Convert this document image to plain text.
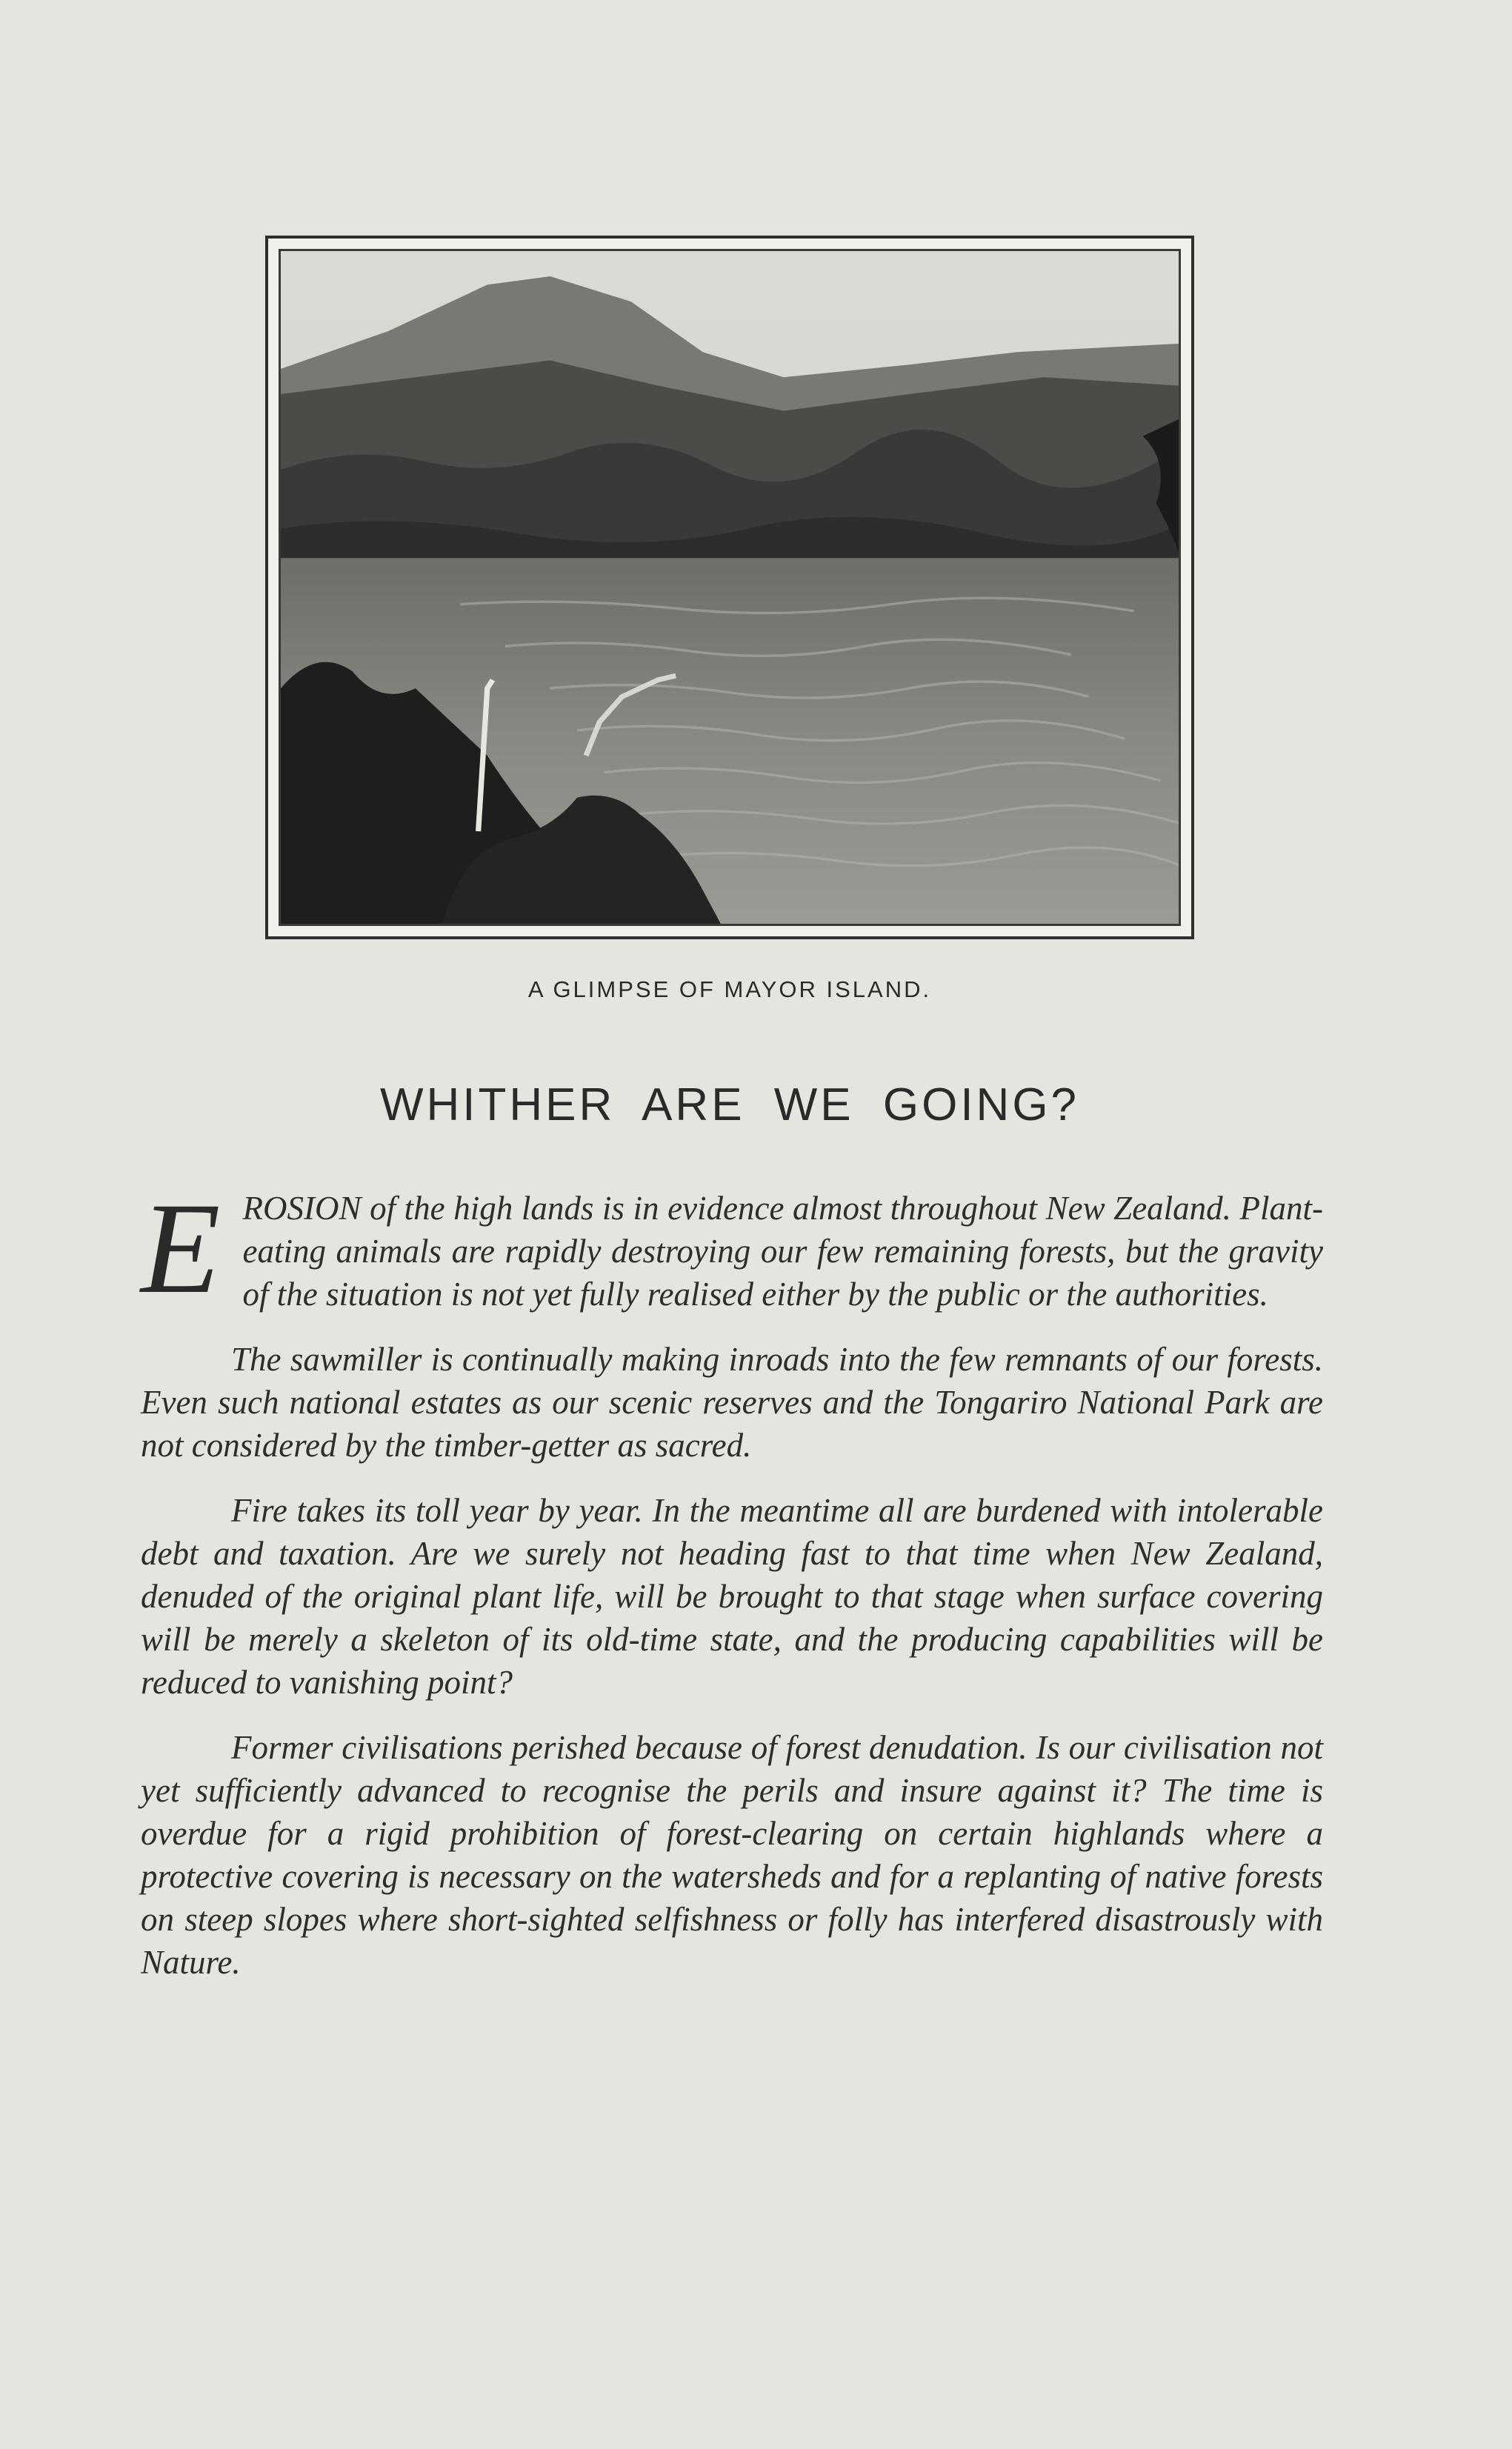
A GLIMPSE OF MAYOR ISLAND.
WHITHER ARE WE GOING?

EROSION of the high lands is in evidence almost throughout New Zealand. Plant-eating animals are rapidly destroying our few remaining forests, but the gravity of the situation is not yet fully realised either by the public or the authorities.

The sawmiller is continually making inroads into the few remnants of our forests. Even such national estates as our scenic reserves and the Tongariro National Park are not considered by the timber-getter as sacred.

Fire takes its toll year by year. In the meantime all are burdened with intolerable debt and taxation. Are we surely not heading fast to that time when New Zealand, denuded of the original plant life, will be brought to that stage when surface covering will be merely a skeleton of its old-time state, and the producing capabilities will be reduced to vanishing point?

Former civilisations perished because of forest denudation. Is our civilisation not yet sufficiently advanced to recognise the perils and insure against it? The time is overdue for a rigid prohibition of forest-clearing on certain highlands where a protective covering is necessary on the watersheds and for a replanting of native forests on steep slopes where short-sighted selfishness or folly has interfered disastrously with Nature.
